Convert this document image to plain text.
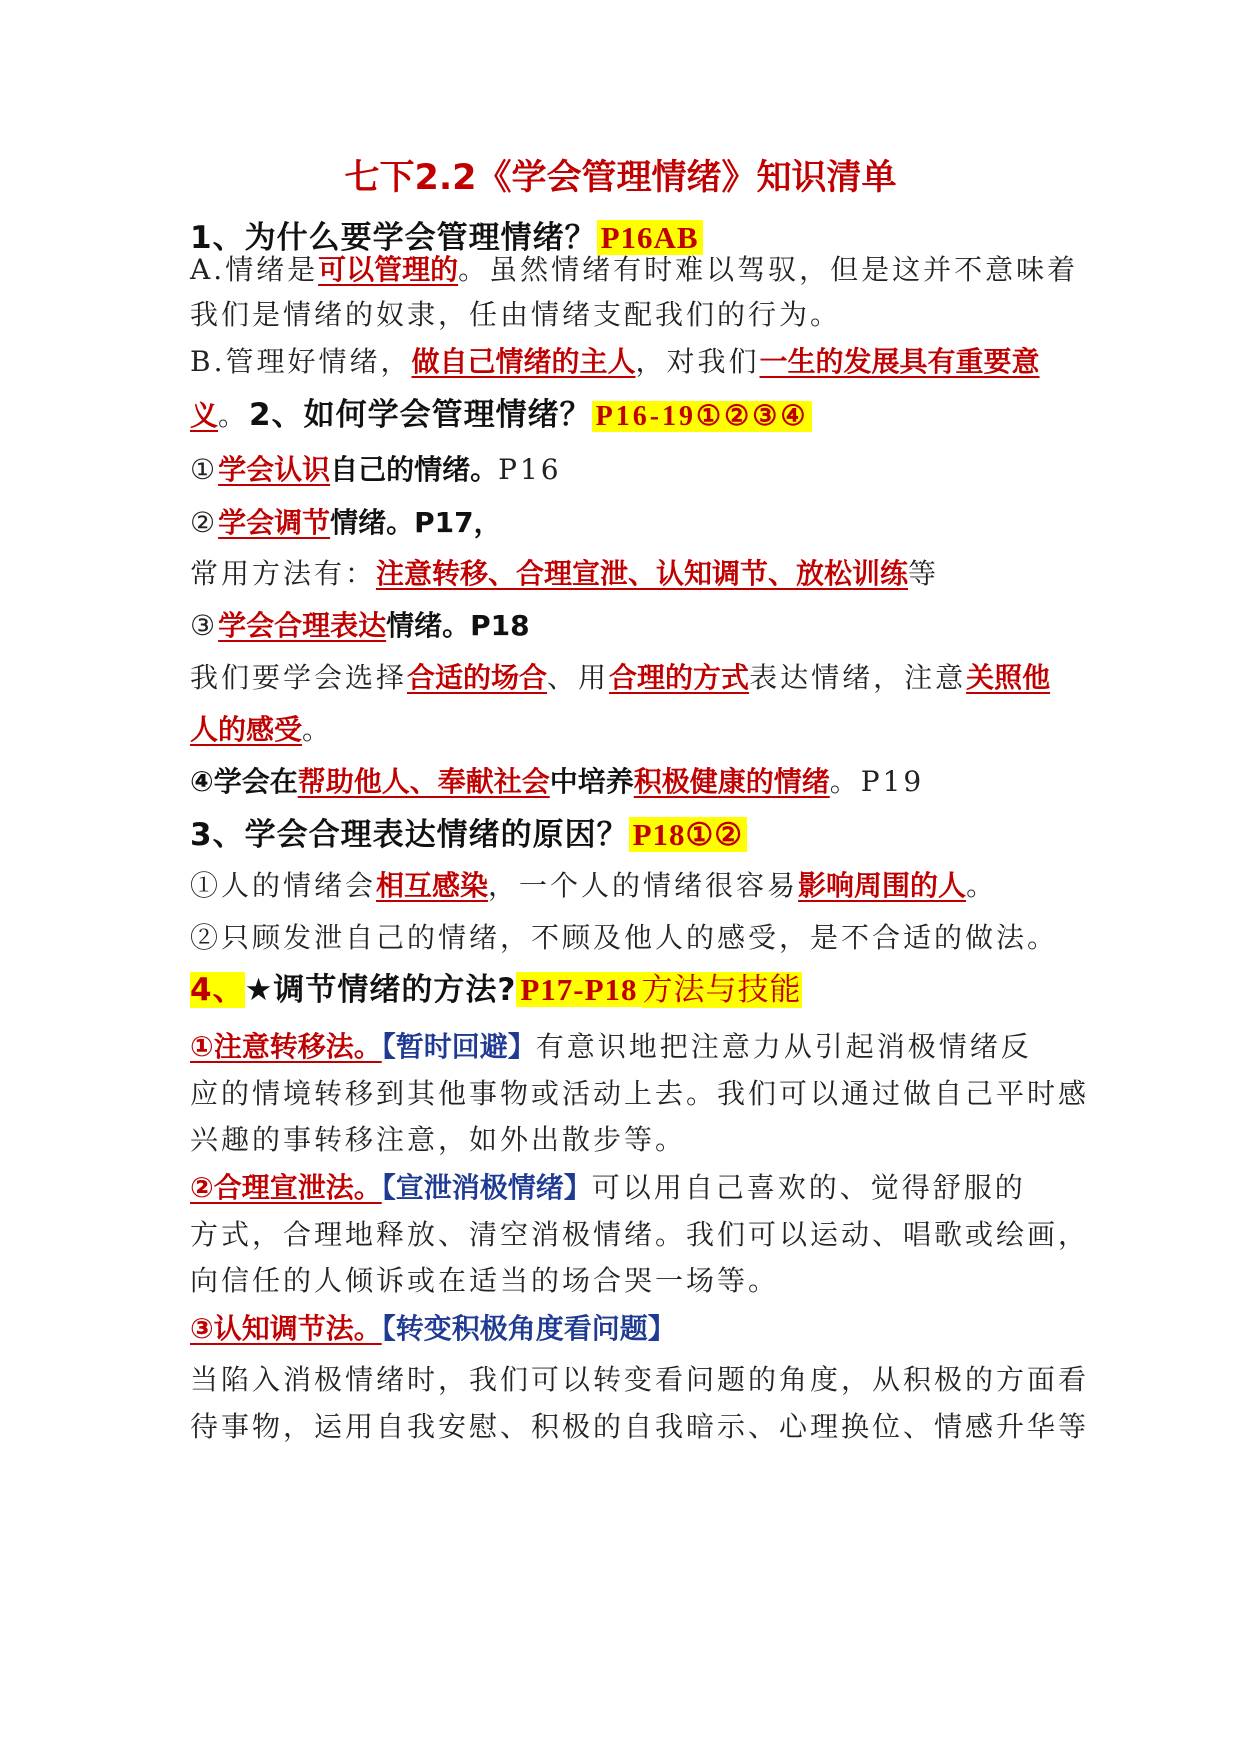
七下2.2《学会管理情绪》知识清单
1、为什么要学会管理情绪？ P16AB
A.情绪是可以管理的。虽然情绪有时难以驾驭，但是这并不意味着
我们是情绪的奴隶，任由情绪支配我们的行为。
B.管理好情绪，做自己情绪的主人，对我们一生的发展具有重要意
义。2、如何学会管理情绪？ P16-19①②③④
①学会认识自己的情绪。P16
②学会调节情绪。P17，
常用方法有：注意转移、合理宣泄、认知调节、放松训练等
③学会合理表达情绪。P18
我们要学会选择合适的场合、用合理的方式表达情绪，注意关照他
人的感受。
④学会在帮助他人、奉献社会中培养积极健康的情绪。P19
3、学会合理表达情绪的原因？ P18①②
①人的情绪会相互感染，一个人的情绪很容易影响周围的人。
②只顾发泄自己的情绪，不顾及他人的感受，是不合适的做法。
4、★调节情绪的方法? P17-P18 方法与技能
①注意转移法。【暂时回避】有意识地把注意力从引起消极情绪反
应的情境转移到其他事物或活动上去。我们可以通过做自己平时感
兴趣的事转移注意，如外出散步等。
②合理宣泄法。【宣泄消极情绪】可以用自己喜欢的、觉得舒服的
方式，合理地释放、清空消极情绪。我们可以运动、唱歌或绘画，
向信任的人倾诉或在适当的场合哭一场等。
③认知调节法。【转变积极角度看问题】
当陷入消极情绪时，我们可以转变看问题的角度，从积极的方面看
待事物，运用自我安慰、积极的自我暗示、心理换位、情感升华等
